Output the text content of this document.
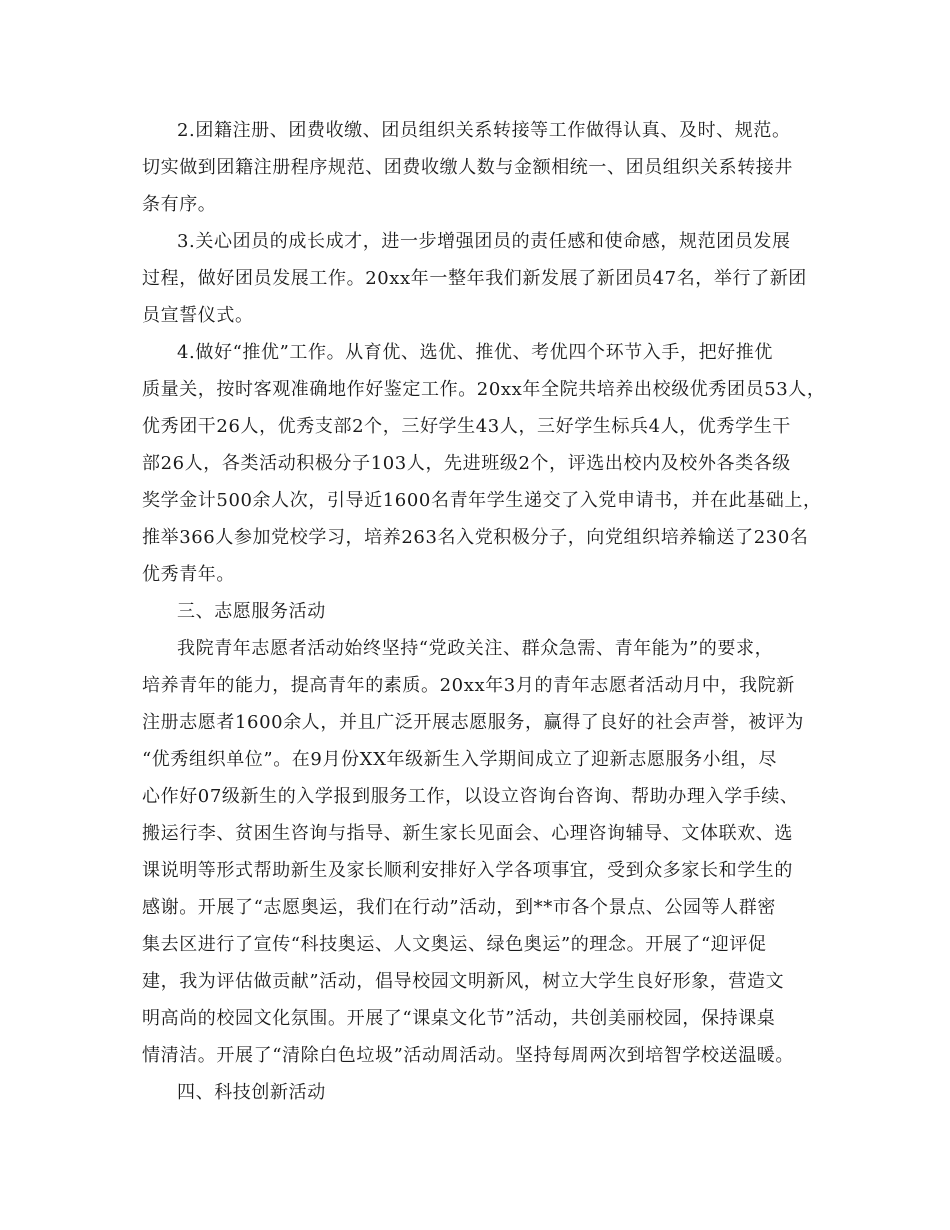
2.团籍注册、团费收缴、团员组织关系转接等工作做得认真、及时、规范。
切实做到团籍注册程序规范、团费收缴人数与金额相统一、团员组织关系转接井
条有序。
3.关心团员的成长成才，进一步增强团员的责任感和使命感，规范团员发展
过程，做好团员发展工作。20xx年一整年我们新发展了新团员47名，举行了新团
员宣誓仪式。
4.做好“推优”工作。从育优、选优、推优、考优四个环节入手，把好推优
质量关，按时客观准确地作好鉴定工作。20xx年全院共培养出校级优秀团员53人，
优秀团干26人，优秀支部2个，三好学生43人，三好学生标兵4人，优秀学生干
部26人，各类活动积极分子103人，先进班级2个，评选出校内及校外各类各级
奖学金计500余人次，引导近1600名青年学生递交了入党申请书，并在此基础上，
推举366人参加党校学习，培养263名入党积极分子，向党组织培养输送了230名
优秀青年。
三、志愿服务活动
我院青年志愿者活动始终坚持“党政关注、群众急需、青年能为”的要求，
培养青年的能力，提高青年的素质。20xx年3月的青年志愿者活动月中，我院新
注册志愿者1600余人，并且广泛开展志愿服务，赢得了良好的社会声誉，被评为
“优秀组织单位”。在9月份XX年级新生入学期间成立了迎新志愿服务小组，尽
心作好07级新生的入学报到服务工作，以设立咨询台咨询、帮助办理入学手续、
搬运行李、贫困生咨询与指导、新生家长见面会、心理咨询辅导、文体联欢、选
课说明等形式帮助新生及家长顺利安排好入学各项事宜，受到众多家长和学生的
感谢。开展了“志愿奥运，我们在行动”活动，到**市各个景点、公园等人群密
集去区进行了宣传“科技奥运、人文奥运、绿色奥运”的理念。开展了“迎评促
建，我为评估做贡献”活动，倡导校园文明新风，树立大学生良好形象，营造文
明高尚的校园文化氛围。开展了“课桌文化节”活动，共创美丽校园，保持课桌
情清洁。开展了“清除白色垃圾”活动周活动。坚持每周两次到培智学校送温暖。
四、科技创新活动
